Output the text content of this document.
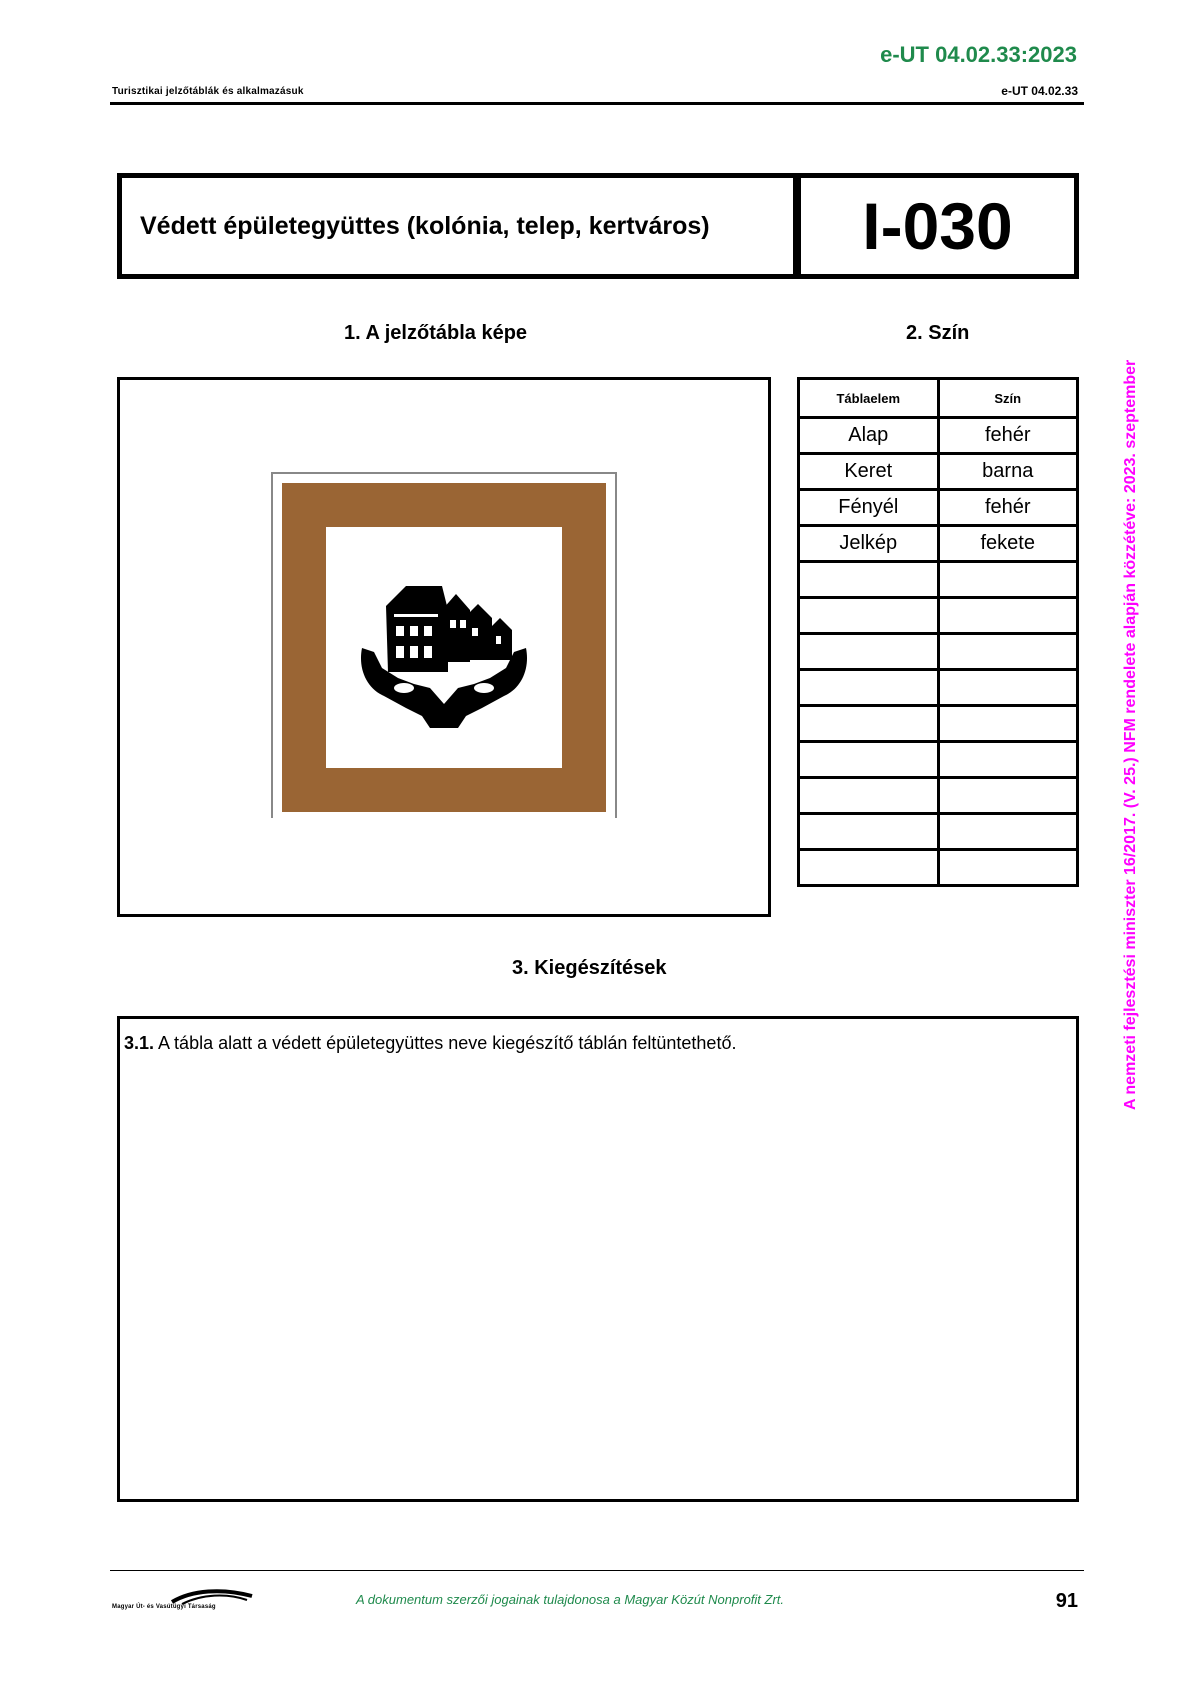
e-UT 04.02.33:2023
Turisztikai jelzőtáblák és alkalmazásuk	e-UT 04.02.33
A nemzeti fejlesztési miniszter 16/2017. (V. 25.) NFM rendelete alapján közzétéve: 2023. szeptember
Védett épületegyüttes (kolónia, telep, kertváros)	I-030
1. A jelzőtábla képe	2. Szín
Táblaelem	Szín
Alap	fehér
Keret	barna
Fényél	fehér
Jelkép	fekete

3. Kiegészítések
3.1. A tábla alatt a védett épületegyüttes neve kiegészítő táblán feltüntethető.
Magyar Út- és Vasútügyi Társaság	A dokumentum szerzői jogainak tulajdonosa a Magyar Közút Nonprofit Zrt.	91
